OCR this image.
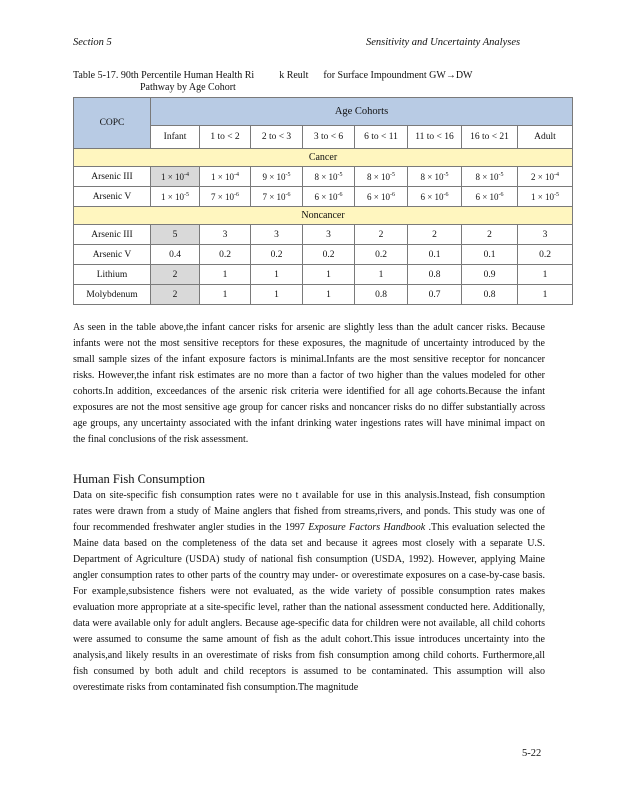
Section 5	Sensitivity and Uncertainty Analyses
Table 5-17. 90th Percentile Human Health Ri          k Reult      for Surface Impoundment GW→DW
Pathway by Age Cohort
COPC	Age Cohorts							
	Infant	1 to < 2	2 to < 3	3 to < 6	6 to < 11	11 to < 16	16 to < 21	Adult
Cancer								
Arsenic III	$1 \times 10^{-4}$	$1 \times 10^{-4}$	$9 \times 10^{-5}$	$8 \times 10^{-5}$	$8 \times 10^{-5}$	$8 \times 10^{-5}$	$8 \times 10^{-5}$	$2 \times 10^{-4}$
Arsenic V	$1 \times 10^{-5}$	$7 \times 10^{-6}$	$7 \times 10^{-6}$	$6 \times 10^{-6}$	$6 \times 10^{-6}$	$6 \times 10^{-6}$	$6 \times 10^{-6}$	$1 \times 10^{-5}$
Noncancer								
Arsenic III	5	3	3	3	2	2	2	3
Arsenic V	0.4	0.2	0.2	0.2	0.2	0.1	0.1	0.2
Lithium	2	1	1	1	1	0.8	0.9	1
Molybdenum	2	1	1	1	0.8	0.7	0.8	1
As seen in the table above,the infant cancer risks for arsenic are slightly less than the adult cancer risks. Because infants were not the most sensitive receptors for these exposures, the magnitude of uncertainty introduced by the small sample sizes of the infant exposure factors is minimal.Infants are the most sensitive receptor for noncancer risks. However,the infant risk estimates are no more than a factor of two higher than the values modeled for other cohorts.In addition, exceedances of the arsenic risk criteria were identified for all age cohorts.Because the infant exposures are not the most sensitive age group for cancer risks and noncancer risks do no differ substantially across age groups, any uncertainty associated with the infant drinking water ingestions rates will have minimal impact on the final conclusions of the risk assessment.
Human Fish Consumption
Data on site-specific fish consumption rates were no t available for use in this analysis.Instead, fish consumption rates were drawn from a study of Maine anglers that fished from streams,rivers, and ponds. This study was one of four recommended freshwater angler studies in the 1997 Exposure Factors Handbook .This evaluation selected the Maine data based on the completeness of the data set and because it agrees most closely with a separate U.S. Department of Agriculture (USDA) study of national fish consumption (USDA, 1992). However, applying Maine angler consumption rates to other parts of the country may under- or overestimate exposures on a case-by-case basis. For example,subsistence fishers were not evaluated, as the wide variety of possible consumption rates makes evaluation more appropriate at a site-specific level, rather than the national assessment conducted here. Additionally, data were available only for adult anglers. Because age-specific data for children were not available, all child cohorts were assumed to consume the same amount of fish as the adult cohort.This issue introduces uncertainty into the analysis,and likely results in an overestimate of risks from fish consumption among child cohorts. Furthermore,all fish consumed by both adult and child receptors is assumed to be contaminated. This assumption will also overestimate risks from contaminated fish consumption.The magnitude
5-22
